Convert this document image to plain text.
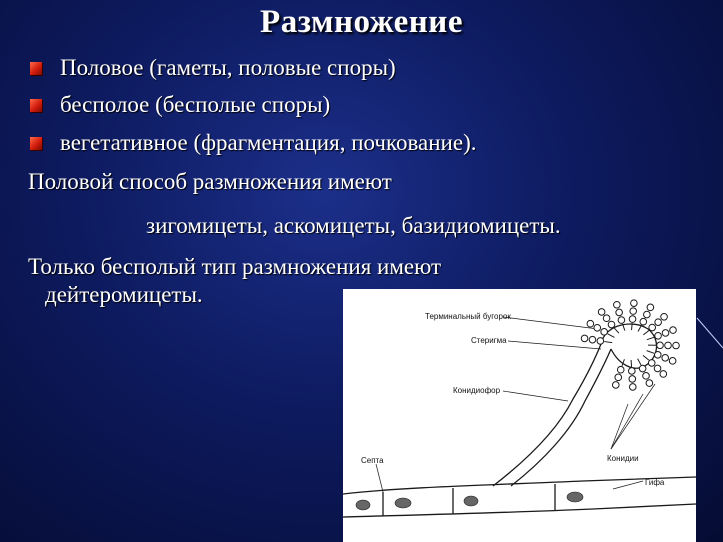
Размножение
Половое (гаметы, половые споры)
бесполое (бесполые споры)
вегетативное (фрагментация, почкование).
Половой способ размножения имеют
зигомицеты, аскомицеты, базидиомицеты.
Только бесполый тип размножения имеют
дейтеромицеты.
Терминальный бугорок
Стеригма
Конидиофор
Септа	Конидии
Гифа
